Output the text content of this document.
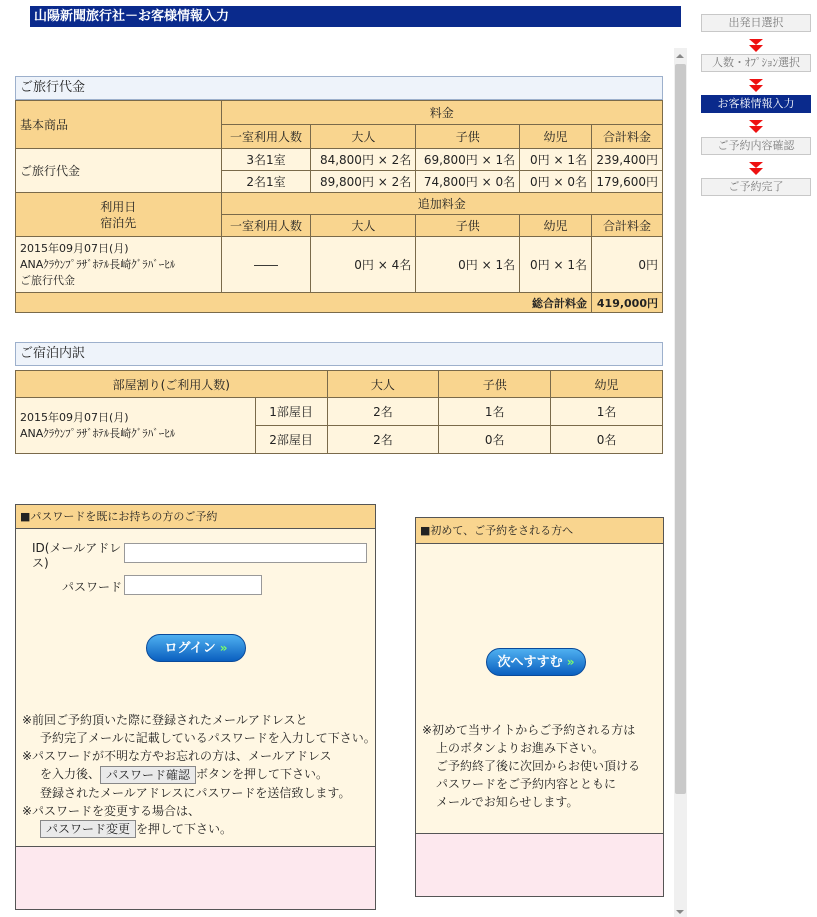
山陽新聞旅行社－お客様情報入力	出発日選択
人数・ｵﾌﾟｼｮﾝ選択
お客様情報入力
ご予約内容確認
ご予約完了
ご旅行代金
基本商品	料金				
	一室利用人数	大人	子供	幼児	合計料金
ご旅行代金	3名1室	84,800円 × 2名	69,800円 × 1名	0円 × 1名	239,400円
	2名1室	89,800円 × 2名	74,800円 × 0名	0円 × 0名	179,600円

利用日
宿泊先	追加料金				
	一室利用人数	大人	子供	幼児	合計料金

2015年09月07日(月)
ANAｸﾗｳﾝﾌﾟﾗｻﾞﾎﾃﾙ長崎ｸﾞﾗﾊﾞｰﾋﾙ
ご旅行代金	――	0円 × 4名	0円 × 1名	0円 × 1名	0円
総合計料金					419,000円
ご宿泊内訳
部屋割り(ご利用人数)		大人	子供	幼児

2015年09月07日(月)
ANAｸﾗｳﾝﾌﾟﾗｻﾞﾎﾃﾙ長崎ｸﾞﾗﾊﾞｰﾋﾙ	1部屋目	2名	1名	1名
	2部屋目	2名	0名	0名
■パスワードを既にお持ちの方のご予約
ID(メールアドレ
ス)
パスワード
ログイン »
※前回ご予約頂いた際に登録されたメールアドレスと
予約完了メールに記載しているパスワードを入力して下さい。
※パスワードが不明な方やお忘れの方は、メールアドレス
を入力後、 パスワード確認 ボタンを押して下さい。
登録されたメールアドレスにパスワードを送信致します。
※パスワードを変更する場合は、
パスワード変更 を押して下さい。
■初めて、ご予約をされる方へ
次へすすむ »
※初めて当サイトからご予約される方は
上のボタンよりお進み下さい。
ご予約終了後に次回からお使い頂ける
パスワードをご予約内容とともに
メールでお知らせします。
